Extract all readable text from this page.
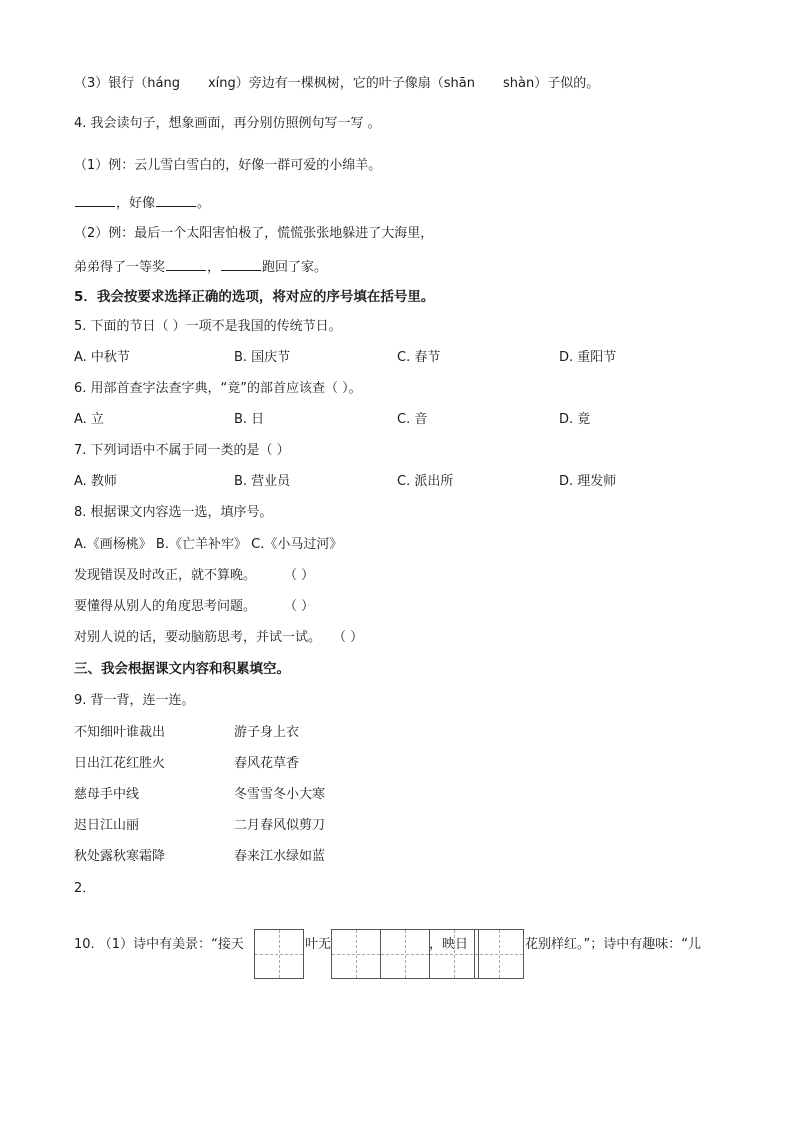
（3）银行（háng xíng）旁边有一棵枫树，它的叶子像扇（shān shàn）子似的。
4. 我会读句子，想象画面，再分别仿照例句写一写 。
（1）例：云儿雪白雪白的，好像一群可爱的小绵羊。
，好像	。
（2）例：最后一个太阳害怕极了，慌慌张张地躲进了大海里，
弟弟得了一等奖	，	跑回了家。
5．我会按要求选择正确的选项，将对应的序号填在括号里。
5. 下面的节日（ ）一项不是我国的传统节日。
A. 中秋节	B. 国庆节	C. 春节	D. 重阳节
6. 用部首查字法查字典，“竟”的部首应该查（ ）。
A. 立	B. 日	C. 音	D. 竟
7. 下列词语中不属于同一类的是（ ）
A. 教师	B. 营业员	C. 派出所	D. 理发师
8. 根据课文内容选一选，填序号。
A.《画杨桃》 B.《亡羊补牢》 C.《小马过河》
发现错误及时改正，就不算晚。 （ ）
要懂得从别人的角度思考问题。 （ ）
对别人说的话，要动脑筋思考，并试一试。 （ ）
三、我会根据课文内容和积累填空。
9. 背一背，连一连。
不知细叶谁裁出	游子身上衣
日出江花红胜火	春风花草香
慈母手中线	冬雪雪冬小大寒
迟日江山丽	二月春风似剪刀
秋处露秋寒霜降	春来江水绿如蓝
2．
10. （1）诗中有美景：“接天	叶无	，映日	花别样红。”；诗中有趣味：“儿
